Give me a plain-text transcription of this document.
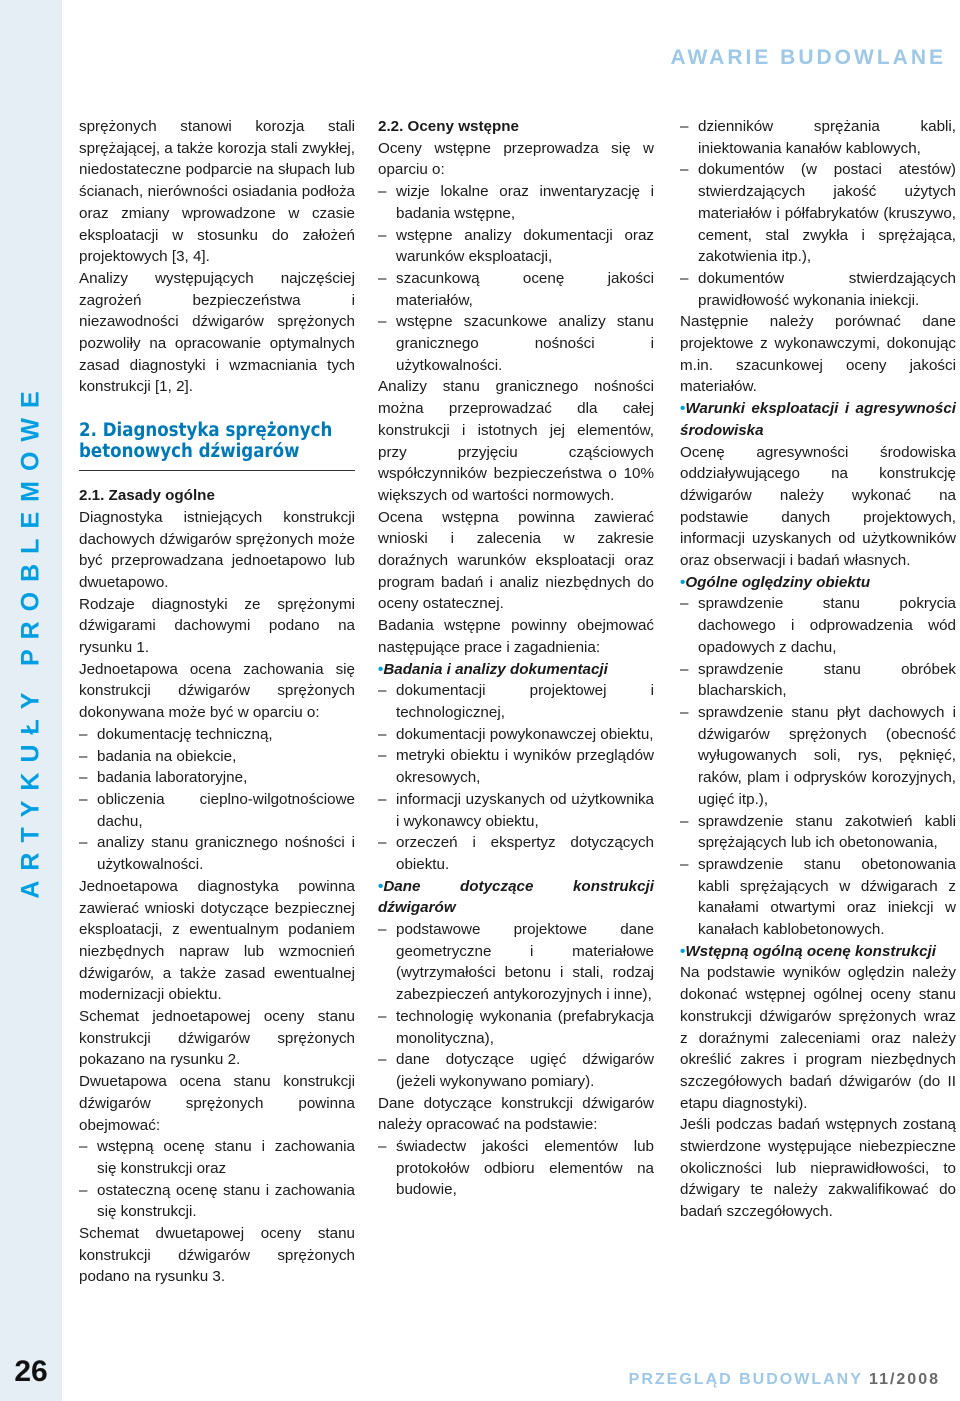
ARTYKUŁY PROBLEMOWE
26
AWARIE BUDOWLANE

sprężonych stanowi korozja stali sprężającej, a także korozja stali zwykłej, niedostateczne podparcie na słupach lub ścianach, nierówności osiadania podłoża oraz zmiany wprowadzone w czasie eksploatacji w stosunku do założeń projektowych [3, 4].

Analizy występujących najczęściej zagrożeń bezpieczeństwa i niezawodności dźwigarów sprężonych pozwoliły na opracowanie optymalnych zasad diagnostyki i wzmacniania tych konstrukcji [1, 2].

2. Diagnostyka sprężonych betonowych dźwigarów

2.1. Zasady ogólne

Diagnostyka istniejących konstrukcji dachowych dźwigarów sprężonych może być przeprowadzana jednoetapowo lub dwuetapowo.

Rodzaje diagnostyki ze sprężonymi dźwigarami dachowymi podano na rysunku 1.

Jednoetapowa ocena zachowania się konstrukcji dźwigarów sprężonych dokonywana może być w oparciu o:

– dokumentację techniczną,
– badania na obiekcie,
– badania laboratoryjne,
– obliczenia cieplno-wilgotnościowe dachu,
– analizy stanu granicznego nośności i użytkowalności.

Jednoetapowa diagnostyka powinna zawierać wnioski dotyczące bezpiecznej eksploatacji, z ewentualnym podaniem niezbędnych napraw lub wzmocnień dźwigarów, a także zasad ewentualnej modernizacji obiektu.

Schemat jednoetapowej oceny stanu konstrukcji dźwigarów sprężonych pokazano na rysunku 2.

Dwuetapowa ocena stanu konstrukcji dźwigarów sprężonych powinna obejmować:

– wstępną ocenę stanu i zachowania się konstrukcji oraz
– ostateczną ocenę stanu i zachowania się konstrukcji.

Schemat dwuetapowej oceny stanu konstrukcji dźwigarów sprężonych podano na rysunku 3.

2.2. Oceny wstępne

Oceny wstępne przeprowadza się w oparciu o:

– wizje lokalne oraz inwentaryzację i badania wstępne,
– wstępne analizy dokumentacji oraz warunków eksploatacji,
– szacunkową ocenę jakości materiałów,
– wstępne szacunkowe analizy stanu granicznego nośności i użytkowalności.

Analizy stanu granicznego nośności można przeprowadzać dla całej konstrukcji i istotnych jej elementów, przy przyjęciu cząściowych współczynników bezpieczeństwa o 10% większych od wartości normowych.

Ocena wstępna powinna zawierać wnioski i zalecenia w zakresie doraźnych warunków eksploatacji oraz program badań i analiz niezbędnych do oceny ostatecznej.

Badania wstępne powinny obejmować następujące prace i zagadnienia:

• Badania i analizy dokumentacji
– dokumentacji projektowej i technologicznej,
– dokumentacji powykonawczej obiektu,
– metryki obiektu i wyników przeglądów okresowych,
– informacji uzyskanych od użytkownika i wykonawcy obiektu,
– orzeczeń i ekspertyz dotyczących obiektu.
• Dane dotyczące konstrukcji dźwigarów
– podstawowe projektowe dane geometryczne i materiałowe (wytrzymałości betonu i stali, rodzaj zabezpieczeń antykorozyjnych i inne),
– technologię wykonania (prefabrykacja monolityczna),
– dane dotyczące ugięć dźwigarów (jeżeli wykonywano pomiary).

Dane dotyczące konstrukcji dźwigarów należy opracować na podstawie:

– świadectw jakości elementów lub protokołów odbioru elementów na budowie,
– dzienników sprężania kabli, iniektowania kanałów kablowych,
– dokumentów (w postaci atestów) stwierdzających jakość użytych materiałów i półfabrykatów (kruszywo, cement, stal zwykła i sprężająca, zakotwienia itp.),
– dokumentów stwierdzających prawidłowość wykonania iniekcji.

Następnie należy porównać dane projektowe z wykonawczymi, dokonując m.in. szacunkowej oceny jakości materiałów.

• Warunki eksploatacji i agresywności środowiska

Ocenę agresywności środowiska oddziaływującego na konstrukcję dźwigarów należy wykonać na podstawie danych projektowych, informacji uzyskanych od użytkowników oraz obserwacji i badań własnych.

• Ogólne oględziny obiektu
– sprawdzenie stanu pokrycia dachowego i odprowadzenia wód opadowych z dachu,
– sprawdzenie stanu obróbek blacharskich,
– sprawdzenie stanu płyt dachowych i dźwigarów sprężonych (obecność wyługowanych soli, rys, pęknięć, raków, plam i odprysków korozyjnych, ugięć itp.),
– sprawdzenie stanu zakotwień kabli sprężających lub ich obetonowania,
– sprawdzenie stanu obetonowania kabli sprężających w dźwigarach z kanałami otwartymi oraz iniekcji w kanałach kablobetonowych.
• Wstępną ogólną ocenę konstrukcji

Na podstawie wyników oględzin należy dokonać wstępnej ogólnej oceny stanu konstrukcji dźwigarów sprężonych wraz z doraźnymi zaleceniami oraz należy określić zakres i program niezbędnych szczegółowych badań dźwigarów (do II etapu diagnostyki).

Jeśli podczas badań wstępnych zostaną stwierdzone występujące niebezpieczne okoliczności lub nieprawidłowości, to dźwigary te należy zakwalifikować do badań szczegółowych.

PRZEGLĄD BUDOWLANY 11/2008
